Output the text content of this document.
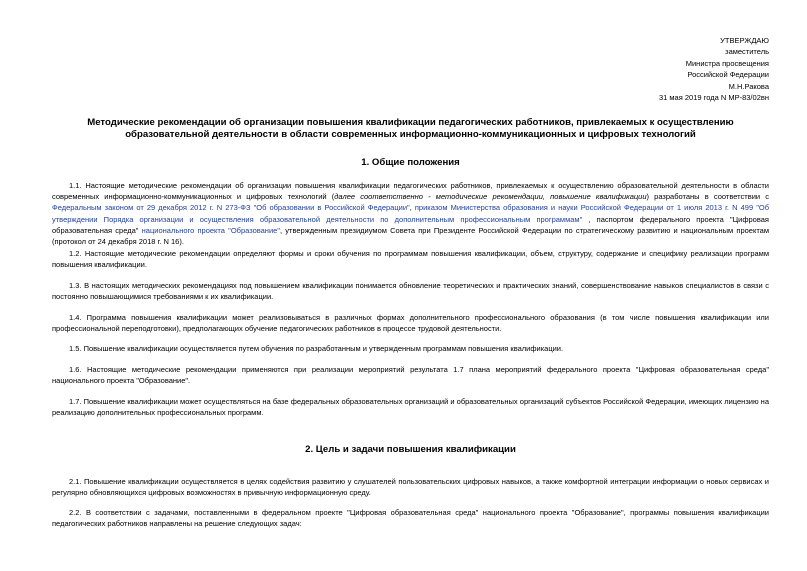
УТВЕРЖДАЮ
заместитель
Министра просвещения
Российской Федерации
М.Н.Ракова
31 мая 2019 года N МР-83/02вн
Методические рекомендации об организации повышения квалификации педагогических работников, привлекаемых к осуществлению образовательной деятельности в области современных информационно-коммуникационных и цифровых технологий
1. Общие положения

1.1. Настоящие методические рекомендации об организации повышения квалификации педагогических работников, привлекаемых к осуществлению образовательной деятельности в области современных информационно-коммуникационных и цифровых технологий (далее соответственно - методические рекомендации, повышение квалификации) разработаны в соответствии с Федеральным законом от 29 декабря 2012 г. N 273-ФЗ "Об образовании в Российской Федерации", приказом Министерства образования и науки Российской Федерации от 1 июля 2013 г. N 499 "Об утверждении Порядка организации и осуществления образовательной деятельности по дополнительным профессиональным программам" , паспортом федерального проекта "Цифровая образовательная среда" национального проекта "Образование", утвержденным президиумом Совета при Президенте Российской Федерации по стратегическому развитию и национальным проектам (протокол от 24 декабря 2018 г. N 16).

1.2. Настоящие методические рекомендации определяют формы и сроки обучения по программам повышения квалификации, объем, структуру, содержание и специфику реализации программ повышения квалификации.

1.3. В настоящих методических рекомендациях под повышением квалификации понимается обновление теоретических и практических знаний, совершенствование навыков специалистов в связи с постоянно повышающимися требованиями к их квалификации.

1.4. Программа повышения квалификации может реализовываться в различных формах дополнительного профессионального образования (в том числе повышения квалификации или профессиональной переподготовки), предполагающих обучение педагогических работников в процессе трудовой деятельности.

1.5. Повышение квалификации осуществляется путем обучения по разработанным и утвержденным программам повышения квалификации.

1.6. Настоящие методические рекомендации применяются при реализации мероприятий результата 1.7 плана мероприятий федерального проекта "Цифровая образовательная среда" национального проекта "Образование".

1.7. Повышение квалификации может осуществляться на базе федеральных образовательных организаций и образовательных организаций субъектов Российской Федерации, имеющих лицензию на реализацию дополнительных профессиональных программ.

2. Цель и задачи повышения квалификации

2.1. Повышение квалификации осуществляется в целях содействия развитию у слушателей пользовательских цифровых навыков, а также комфортной интеграции информации о новых сервисах и регулярно обновляющихся цифровых возможностях в привычную информационную среду.

2.2. В соответствии с задачами, поставленными в федеральном проекте "Цифровая образовательная среда" национального проекта "Образование", программы повышения квалификации педагогических работников направлены на решение следующих задач:
